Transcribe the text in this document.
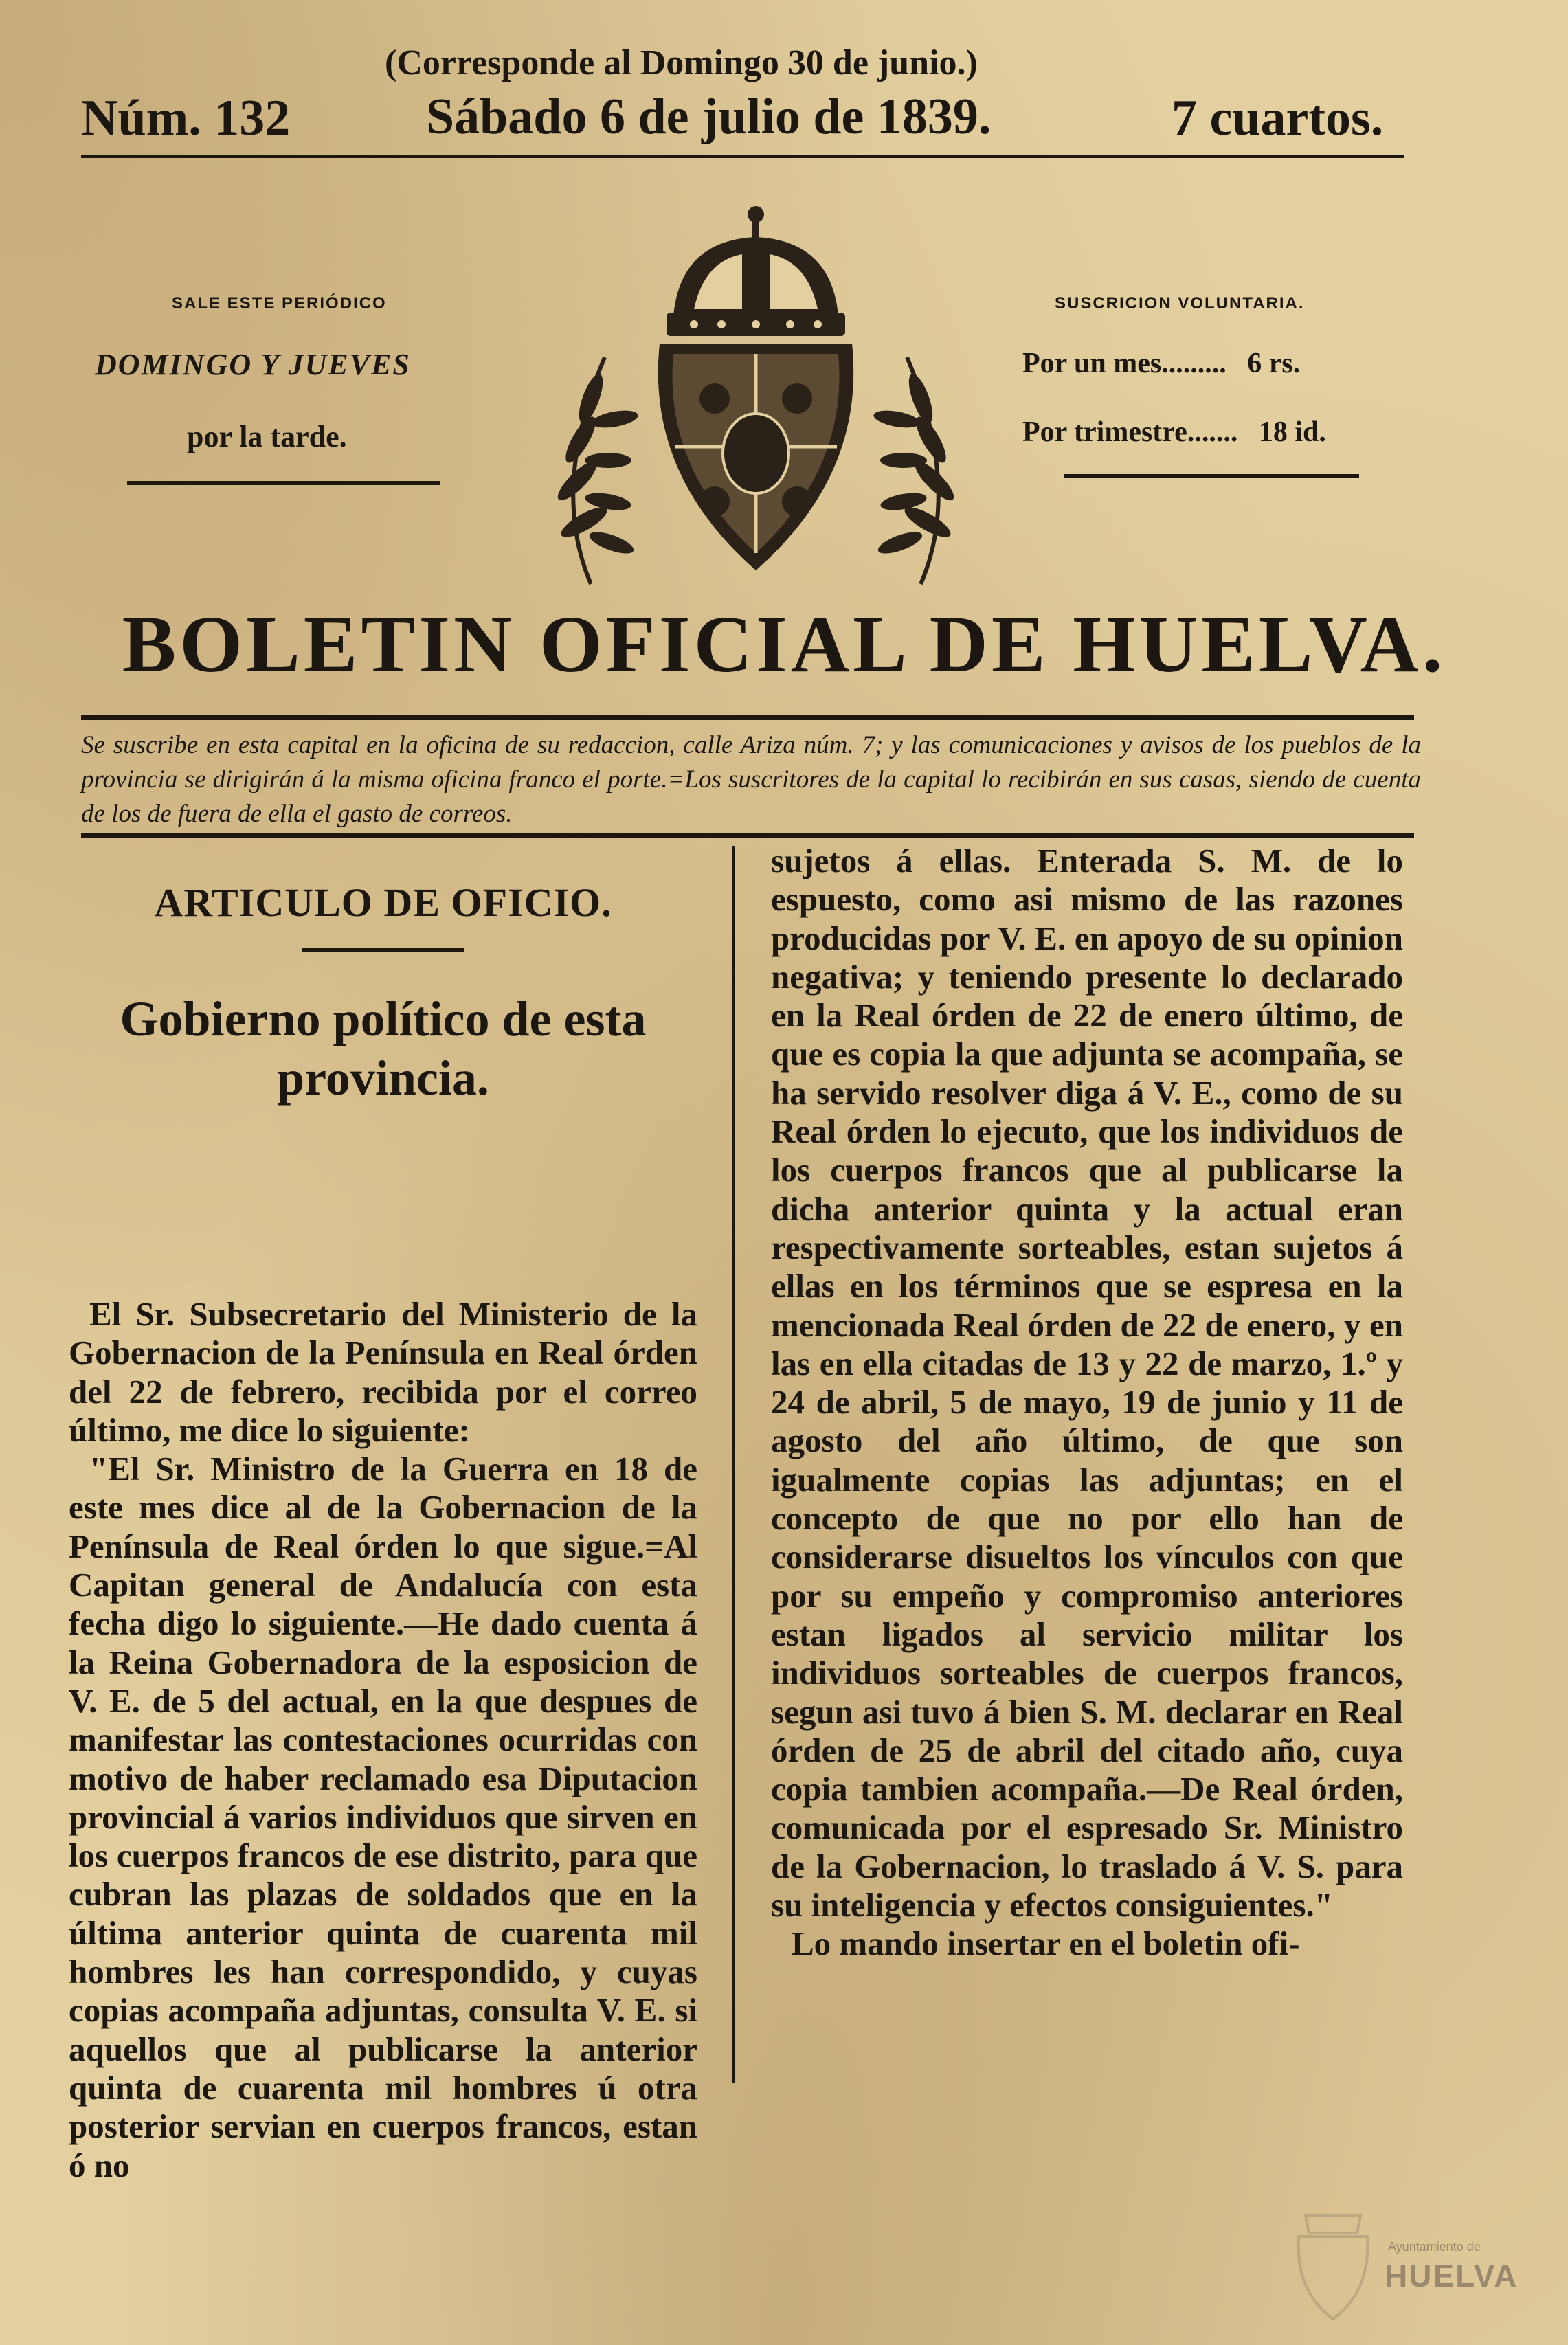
(Corresponde al Domingo 30 de junio.)
Núm. 132	Sábado 6 de julio de 1839.	7 cuartos.
SALE ESTE PERIÓDICO
DOMINGO Y JUEVES
por la tarde.
SUSCRICION VOLUNTARIA.
Por un mes......... 6 rs.
Por trimestre....... 18 id.
BOLETIN OFICIAL DE HUELVA.
Se suscribe en esta capital en la oficina de su redaccion, calle Ariza núm. 7; y las comunicaciones y avisos de los pueblos de la provincia se dirigirán á la misma oficina franco el porte.=Los suscritores de la capital lo recibirán en sus casas, siendo de cuenta de los de fuera de ella el gasto de correos.
ARTICULO DE OFICIO.
Gobierno político de esta provincia.

El Sr. Subsecretario del Ministerio de la Gobernacion de la Península en Real órden del 22 de febrero, recibida por el correo último, me dice lo siguiente:

"El Sr. Ministro de la Guerra en 18 de este mes dice al de la Gobernacion de la Península de Real órden lo que sigue.=Al Capitan general de Andalucía con esta fecha digo lo siguiente.—He dado cuenta á la Reina Gobernadora de la esposicion de V. E. de 5 del actual, en la que despues de manifestar las contestaciones ocurridas con motivo de haber reclamado esa Diputacion provincial á varios individuos que sirven en los cuerpos francos de ese distrito, para que cubran las plazas de soldados que en la última anterior quinta de cuarenta mil hombres les han correspondido, y cuyas copias acompaña adjuntas, consulta V. E. si aquellos que al publicarse la anterior quinta de cuarenta mil hombres ú otra posterior servian en cuerpos francos, estan ó no

sujetos á ellas. Enterada S. M. de lo espuesto, como asi mismo de las razones producidas por V. E. en apoyo de su opinion negativa; y teniendo presente lo declarado en la Real órden de 22 de enero último, de que es copia la que adjunta se acompaña, se ha servido resolver diga á V. E., como de su Real órden lo ejecuto, que los individuos de los cuerpos francos que al publicarse la dicha anterior quinta y la actual eran respectivamente sorteables, estan sujetos á ellas en los términos que se espresa en la mencionada Real órden de 22 de enero, y en las en ella citadas de 13 y 22 de marzo, 1.º y 24 de abril, 5 de mayo, 19 de junio y 11 de agosto del año último, de que son igualmente copias las adjuntas; en el concepto de que no por ello han de considerarse disueltos los vínculos con que por su empeño y compromiso anteriores estan ligados al servicio militar los individuos sorteables de cuerpos francos, segun asi tuvo á bien S. M. declarar en Real órden de 25 de abril del citado año, cuya copia tambien acompaña.—De Real órden, comunicada por el espresado Sr. Ministro de la Gobernacion, lo traslado á V. S. para su inteligencia y efectos consiguientes."

Lo mando insertar en el boletin ofi-

Ayuntamiento de
HUELVA
